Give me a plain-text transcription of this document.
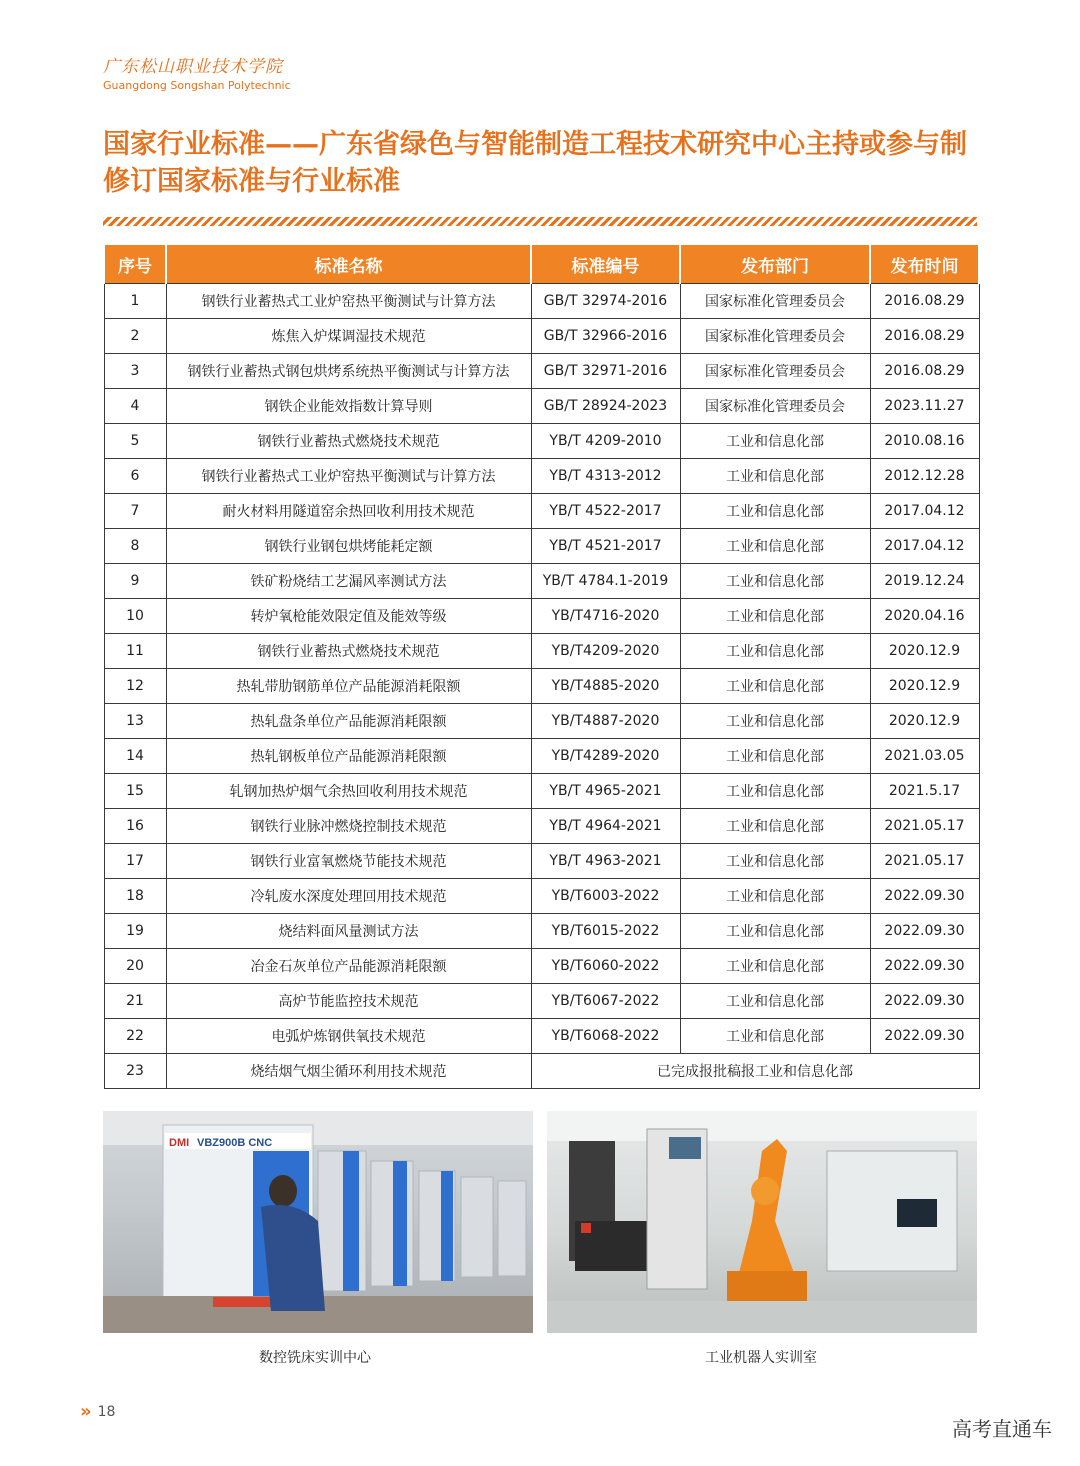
广东松山职业技术学院
Guangdong Songshan Polytechnic
国家行业标准——广东省绿色与智能制造工程技术研究中心主持或参与制修订国家标准与行业标准
序号	标准名称	标准编号	发布部门	发布时间
1	钢铁行业蓄热式工业炉窑热平衡测试与计算方法	GB/T 32974-2016	国家标准化管理委员会	2016.08.29
2	炼焦入炉煤调湿技术规范	GB/T 32966-2016	国家标准化管理委员会	2016.08.29
3	钢铁行业蓄热式钢包烘烤系统热平衡测试与计算方法	GB/T 32971-2016	国家标准化管理委员会	2016.08.29
4	钢铁企业能效指数计算导则	GB/T 28924-2023	国家标准化管理委员会	2023.11.27
5	钢铁行业蓄热式燃烧技术规范	YB/T 4209-2010	工业和信息化部	2010.08.16
6	钢铁行业蓄热式工业炉窑热平衡测试与计算方法	YB/T 4313-2012	工业和信息化部	2012.12.28
7	耐火材料用隧道窑余热回收利用技术规范	YB/T 4522-2017	工业和信息化部	2017.04.12
8	钢铁行业钢包烘烤能耗定额	YB/T 4521-2017	工业和信息化部	2017.04.12
9	铁矿粉烧结工艺漏风率测试方法	YB/T 4784.1-2019	工业和信息化部	2019.12.24
10	转炉氧枪能效限定值及能效等级	YB/T4716-2020	工业和信息化部	2020.04.16
11	钢铁行业蓄热式燃烧技术规范	YB/T4209-2020	工业和信息化部	2020.12.9
12	热轧带肋钢筋单位产品能源消耗限额	YB/T4885-2020	工业和信息化部	2020.12.9
13	热轧盘条单位产品能源消耗限额	YB/T4887-2020	工业和信息化部	2020.12.9
14	热轧钢板单位产品能源消耗限额	YB/T4289-2020	工业和信息化部	2021.03.05
15	轧钢加热炉烟气余热回收利用技术规范	YB/T 4965-2021	工业和信息化部	2021.5.17
16	钢铁行业脉冲燃烧控制技术规范	YB/T 4964-2021	工业和信息化部	2021.05.17
17	钢铁行业富氧燃烧节能技术规范	YB/T 4963-2021	工业和信息化部	2021.05.17
18	冷轧废水深度处理回用技术规范	YB/T6003-2022	工业和信息化部	2022.09.30
19	烧结料面风量测试方法	YB/T6015-2022	工业和信息化部	2022.09.30
20	冶金石灰单位产品能源消耗限额	YB/T6060-2022	工业和信息化部	2022.09.30
21	高炉节能监控技术规范	YB/T6067-2022	工业和信息化部	2022.09.30
22	电弧炉炼钢供氧技术规范	YB/T6068-2022	工业和信息化部	2022.09.30
23	烧结烟气烟尘循环利用技术规范	已完成报批稿报工业和信息化部		
DMI VBZ900B CNC
数控铣床实训中心	工业机器人实训室
» 18
高考直通车
